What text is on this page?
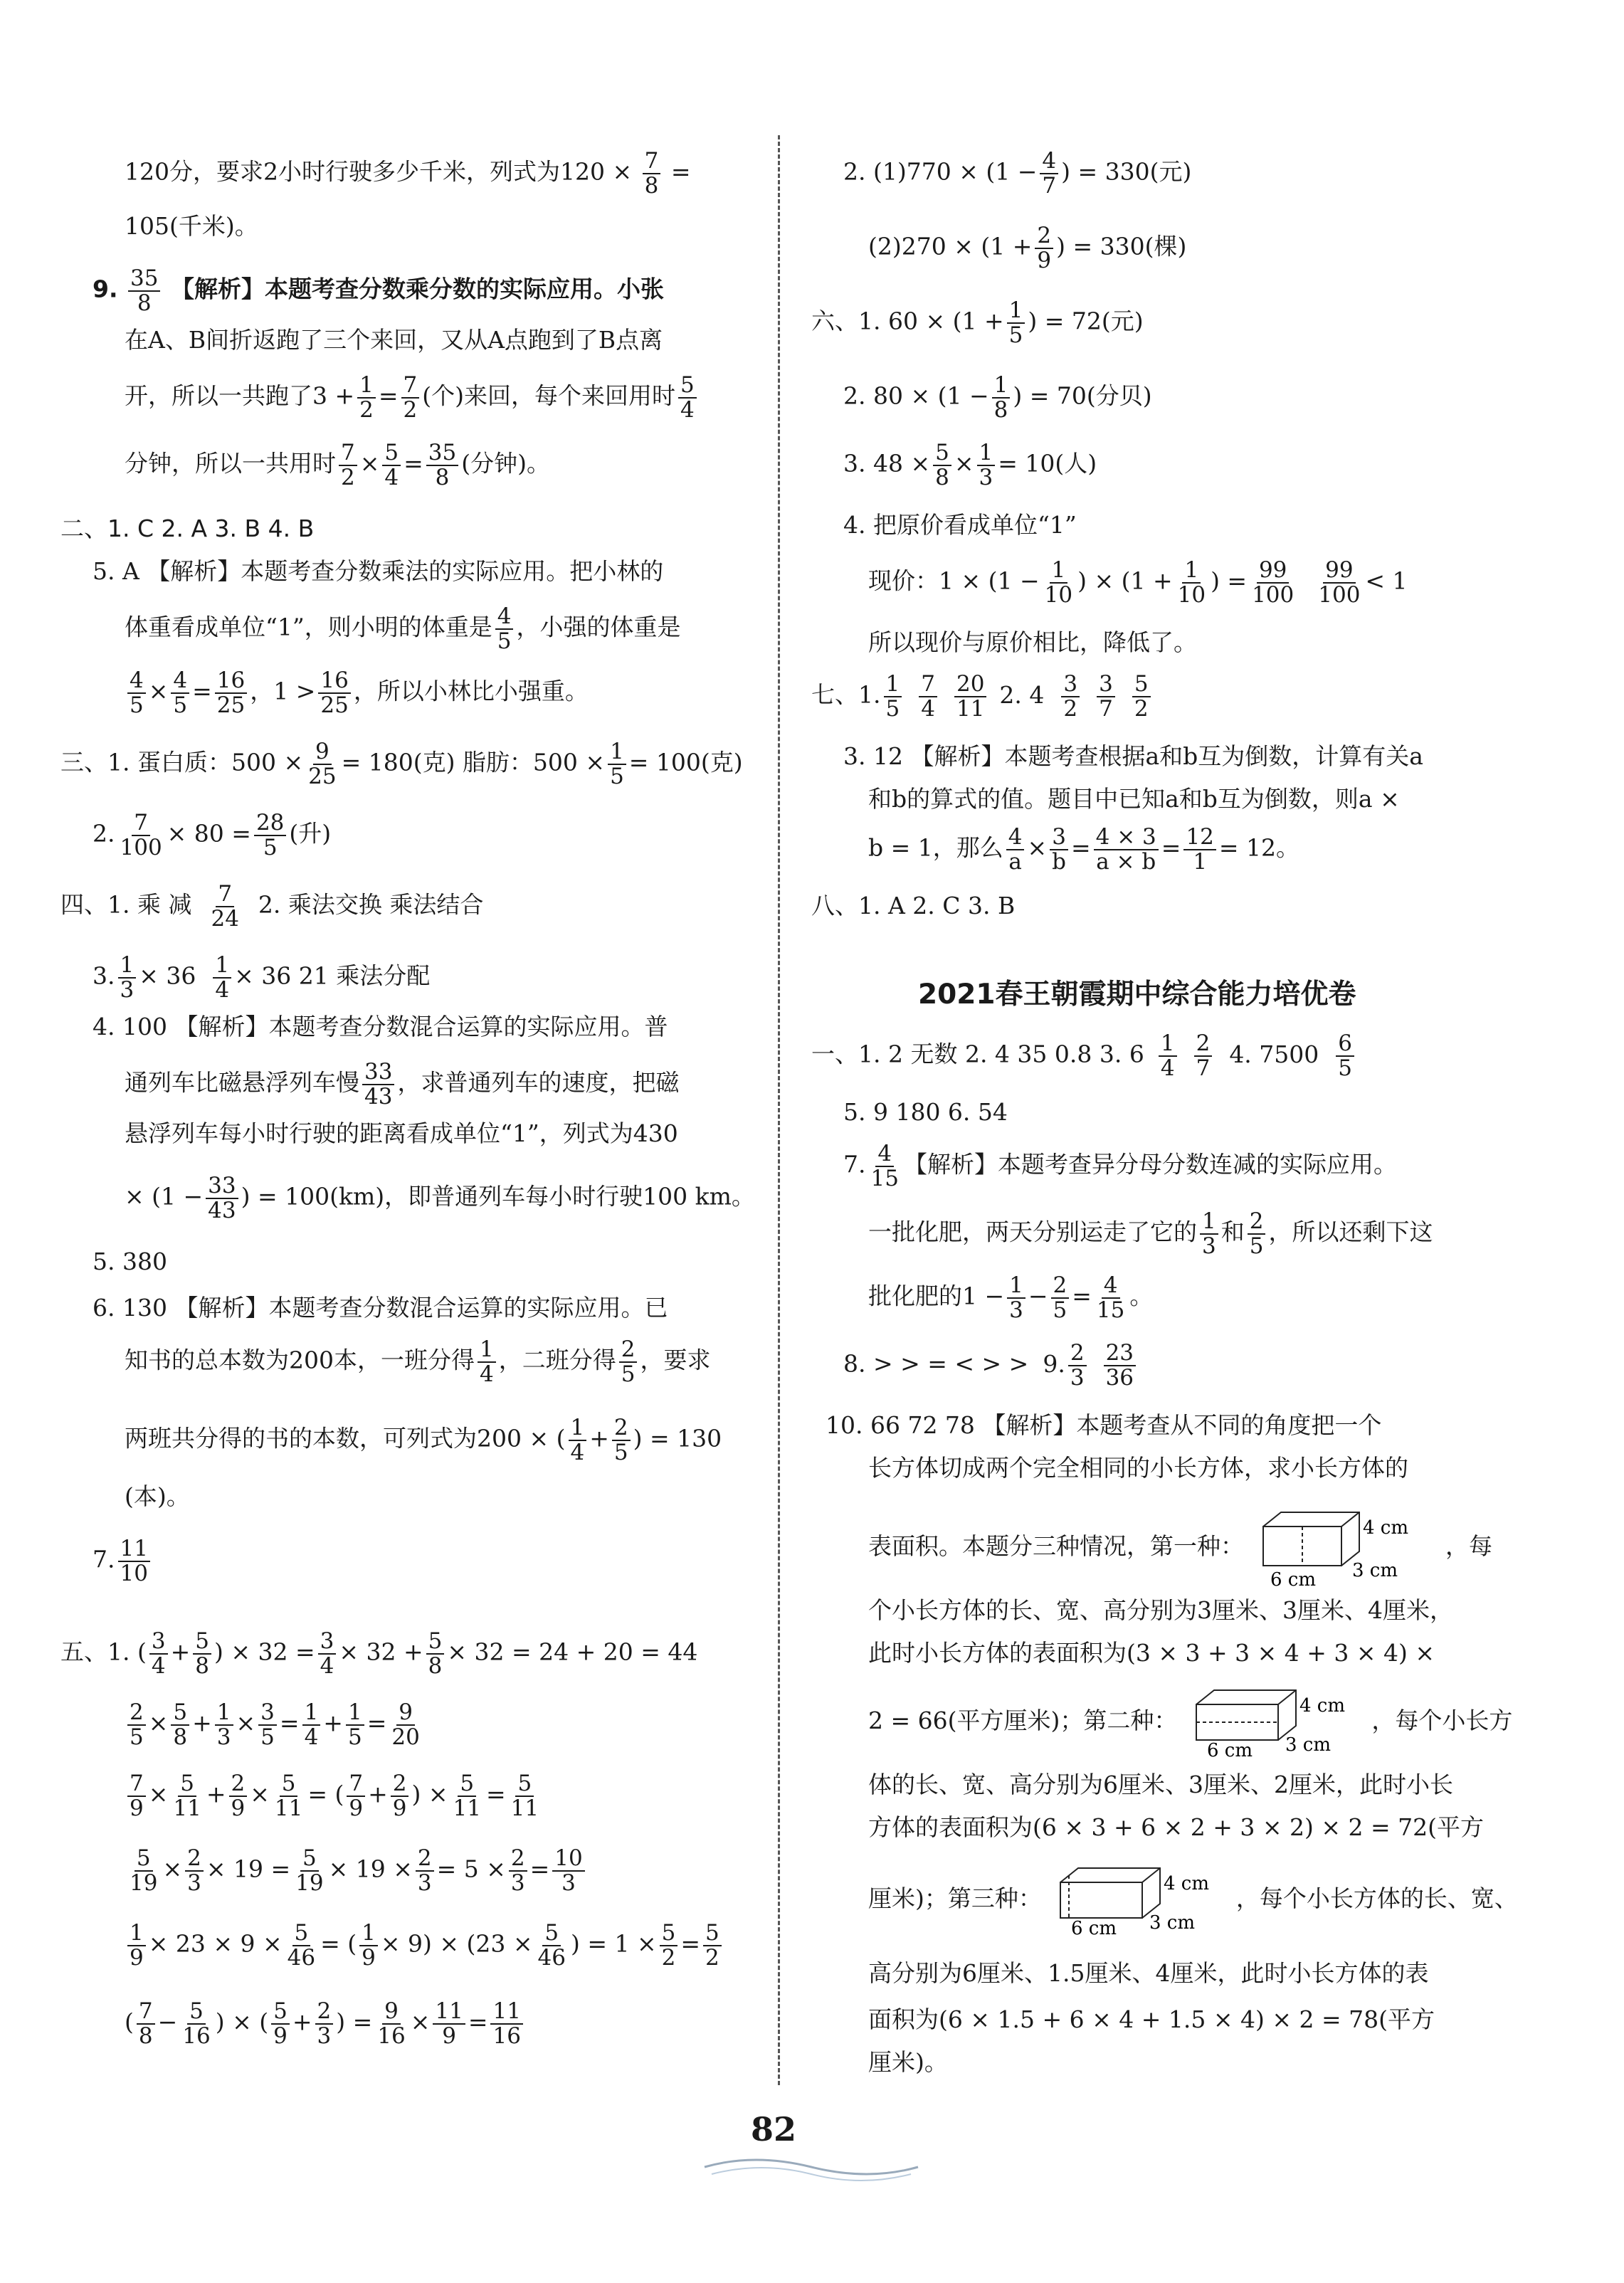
120分，要求2小时行驶多少千米，列式为$120 \times \frac{7}{8}$ =
105(千米)。
9. $\frac{35}{8}$ 【解析】本题考查分数乘分数的实际应用。小张
在A、B间折返跑了三个来回，又从A点跑到了B点离
开，所以一共跑了$3 + \frac{1}{2} = \frac{7}{2}$ (个)来回，每个来回用时 $\frac{5}{4}$
分钟，所以一共用时 $\frac{7}{2} \times \frac{5}{4} = \frac{35}{8}$ (分钟)。
二、1. C 2. A 3. B 4. B
5. A 【解析】本题考查分数乘法的实际应用。把小林的
体重看成单位“1”，则小明的体重是 $\frac{4}{5}$ ，小强的体重是
$\frac{4}{5} \times \frac{4}{5} = \frac{16}{25}$ ，$1 > \frac{16}{25}$ ，所以小林比小强重。
三、1. 蛋白质：$500 \times \frac{9}{25} = 180$(克) 脂肪：$500 \times \frac{1}{5} = 100$(克)
2. $\frac{7}{100} \times 80 = \frac{28}{5}$ (升)
四、1. 乘 减 $\frac{7}{24} 2$. 乘法交换 乘法结合
3. $\frac{1}{3} \times 36 \frac{1}{4} \times 36$ 21 乘法分配
4. 100 【解析】本题考查分数混合运算的实际应用。普
通列车比磁悬浮列车慢 $\frac{33}{43}$ ，求普通列车的速度，把磁
悬浮列车每小时行驶的距离看成单位“1”，列式为430
× ($1 - \frac{33}{43}$ ) = 100(km)，即普通列车每小时行驶100 km。
5. 380
6. 130 【解析】本题考查分数混合运算的实际应用。已
知书的总本数为200本，一班分得 $\frac{1}{4}$ ，二班分得 $\frac{2}{5}$ ，要求
两班共分得的书的本数，可列式为200 × ( $\frac{1}{4} + \frac{2}{5}$ ) = 130
(本)。
7. $\frac{11}{10}$
五、1. ( $\frac{3}{4} + \frac{5}{8}$ ) × $32 = \frac{3}{4} \times 32 + \frac{5}{8} \times 32 = 24 + 20 = 44$
$\frac{2}{5} \times \frac{5}{8} + \frac{1}{3} \times \frac{3}{5} = \frac{1}{4} + \frac{1}{5} = \frac{9}{20}$
$\frac{7}{9} \times \frac{5}{11} + \frac{2}{9} \times \frac{5}{11}$ = ( $\frac{7}{9} + \frac{2}{9}$ ) × $\frac{5}{11} = \frac{5}{11}$
$\frac{5}{19} \times \frac{2}{3} \times 19 = \frac{5}{19} \times 19 \times \frac{2}{3} = 5 \times \frac{2}{3} = \frac{10}{3}$
$\frac{1}{9} \times 23 \times 9 \times \frac{5}{46}$ = ( $\frac{1}{9} \times 9) \times (23 \times \frac{5}{46}$ ) = $1 \times \frac{5}{2} = \frac{5}{2}$
( $\frac{7}{8} - \frac{5}{16}$ ) × ( $\frac{5}{9} + \frac{2}{3}$ ) = $\frac{9}{16} \times \frac{11}{9} = \frac{11}{16}$
2. $(1)770 \times (1 - \frac{4}{7}$ ) = 330(元)
$(2)270 \times (1 + \frac{2}{9}$ ) = 330(棵)
六、1. $60 \times (1 + \frac{1}{5}$ ) = 72(元)
2. $80 \times (1 - \frac{1}{8}$ ) = 70(分贝)
3. $48 \times \frac{5}{8} \times \frac{1}{3} = 10$(人)
4. 把原价看成单位“1”
现价：$1 \times (1 - \frac{1}{10}$ ) × ($1 + \frac{1}{10}$ ) = $\frac{99}{100} \frac{99}{100} < 1$
所以现价与原价相比，降低了。
七、1. $\frac{1}{5} \frac{7}{4} \frac{20}{11} 2$. $4 \frac{3}{2} \frac{3}{7} \frac{5}{2}$
3. 12 【解析】本题考查根据a和b互为倒数，计算有关a
和b的算式的值。题目中已知a和b互为倒数，则a ×
b = 1，那么 $\frac{4}{a} \times \frac{3}{b} = \frac{4 \times 3}{a \times b} = \frac{12}{1} = 12$。
八、1. A 2. C 3. B
2021春王朝霞期中综合能力培优卷
一、1. 2 无数 2. 4 35 0.8 3. $6 \frac{1}{4} \frac{2}{7} 4$. $7500 \frac{6}{5}$
5. 9 180 6. 54
7. $\frac{4}{15}$ 【解析】本题考查异分母分数连减的实际应用。
一批化肥，两天分别运走了它的 $\frac{1}{3}$ 和 $\frac{2}{5}$ ，所以还剩下这
批化肥的$1 - \frac{1}{3} - \frac{2}{5} = \frac{4}{15}$ 。
8. > > = < > > 9. $\frac{2}{3} \frac{23}{36}$
10. 66 72 78 【解析】本题考查从不同的角度把一个
长方体切成两个完全相同的小长方体，求小长方体的
表面积。本题分三种情况，第一种：
4 cm
6 cm 3 cm
，每
个小长方体的长、宽、高分别为3厘米、3厘米、4厘米，
此时小长方体的表面积为(3 × 3 + 3 × 4 + 3 × 4) ×
2 = 66(平方厘米)；第二种：
4 cm
6 cm 3 cm
，每个小长方
体的长、宽、高分别为6厘米、3厘米、2厘米，此时小长
方体的表面积为(6 × 3 + 6 × 2 + 3 × 2) × 2 = 72(平方
厘米)；第三种：
4 cm
6 cm 3 cm
，每个小长方体的长、宽、
高分别为6厘米、1.5厘米、4厘米，此时小长方体的表
面积为(6 × 1.5 + 6 × 4 + 1.5 × 4) × 2 = 78(平方
厘米)。
82
